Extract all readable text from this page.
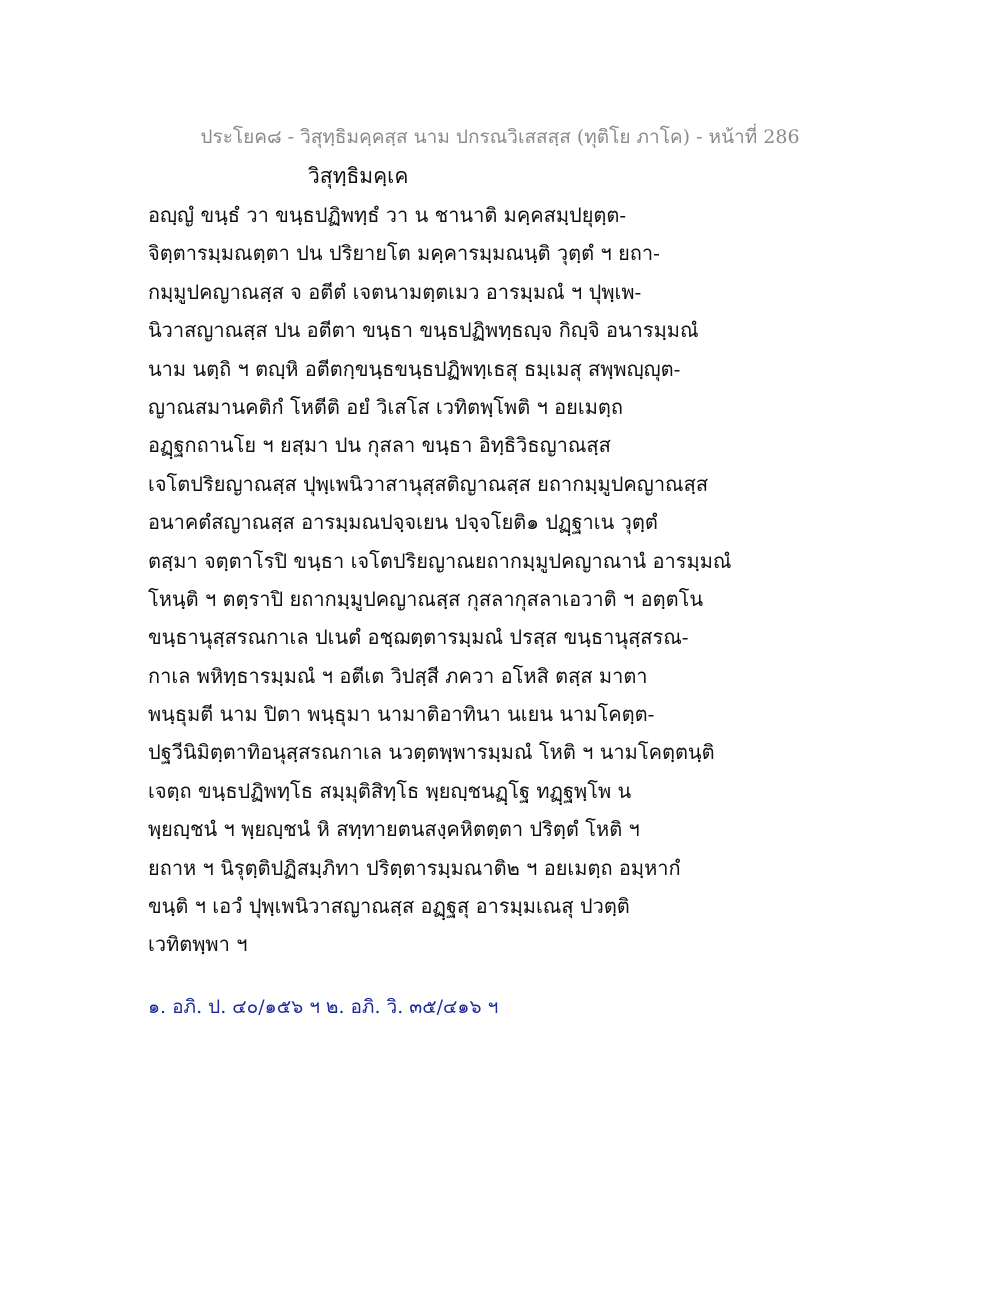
ประโยค๘ - วิสุทฺธิมคฺคสฺส นาม ปกรณวิเสสสฺส (ทุติโย ภาโค) - หน้าที่ 286
วิสุทฺธิมคฺเค
อญฺญํ ขนฺธํ วา ขนฺธปฏิพทฺธํ วา น ชานาติ มคฺคสมฺปยุตฺต-
จิตฺตารมฺมณตฺตา ปน ปริยายโต มคฺคารมฺมณนฺติ วุตฺตํ ฯ ยถา-
กมฺมูปคญาณสฺส จ อตีตํ เจตนามตฺตเมว อารมฺมณํ ฯ ปุพฺเพ-
นิวาสญาณสฺส ปน อตีตา ขนฺธา ขนฺธปฏิพทฺธญฺจ กิญฺจิ อนารมฺมณํ
นาม นตฺถิ ฯ ตญฺหิ อตีตกฺขนฺธขนฺธปฏิพทฺเธสุ ธมฺเมสุ สพฺพญฺญุต-
ญาณสมานคติกํ โหตีติ อยํ วิเสโส เวทิตพฺโพติ ฯ อยเมตฺถ
อฏฺฐกถานโย ฯ ยสฺมา ปน กุสลา ขนฺธา อิทฺธิวิธญาณสฺส
เจโตปริยญาณสฺส ปุพฺเพนิวาสานุสฺสติญาณสฺส ยถากมฺมูปคญาณสฺส
อนาคตํสญาณสฺส อารมฺมณปจฺจเยน ปจฺจโยติ๑ ปฏฺฐาเน วุตฺตํ
ตสฺมา จตฺตาโรปิ ขนฺธา เจโตปริยญาณยถากมฺมูปคญาณานํ อารมฺมณํ
โหนฺติ ฯ ตตฺราปิ ยถากมฺมูปคญาณสฺส กุสลากุสลาเอวาติ ฯ อตฺตโน
ขนฺธานุสฺสรณกาเล ปเนตํ อชฺฌตฺตารมฺมณํ ปรสฺส ขนฺธานุสฺสรณ-
กาเล พหิทฺธารมฺมณํ ฯ อตีเต วิปสฺสี ภควา อโหสิ ตสฺส มาตา
พนฺธุมตี นาม ปิตา พนฺธุมา นามาติอาทินา นเยน นามโคตฺต-
ปฐวีนิมิตฺตาทิอนุสฺสรณกาเล นวตฺตพฺพารมฺมณํ โหติ ฯ นามโคตฺตนฺติ
เจตฺถ ขนฺธปฏิพทฺโธ สมฺมุติสิทฺโธ พฺยญฺชนฏฺโฐ ทฏฺฐพฺโพ น
พฺยญฺชนํ ฯ พฺยญฺชนํ หิ สทฺทายตนสงฺคหิตตฺตา ปริตฺตํ โหติ ฯ
ยถาห ฯ นิรุตฺติปฏิสมฺภิทา ปริตฺตารมฺมณาติ๒ ฯ อยเมตฺถ อมฺหากํ
ขนฺติ ฯ เอวํ ปุพฺเพนิวาสญาณสฺส อฏฺฐสุ อารมฺมเณสุ ปวตฺติ
เวทิตพฺพา ฯ
๑. อภิ. ป. ๔๐/๑๕๖ ฯ ๒. อภิ. วิ. ๓๕/๔๑๖ ฯ
